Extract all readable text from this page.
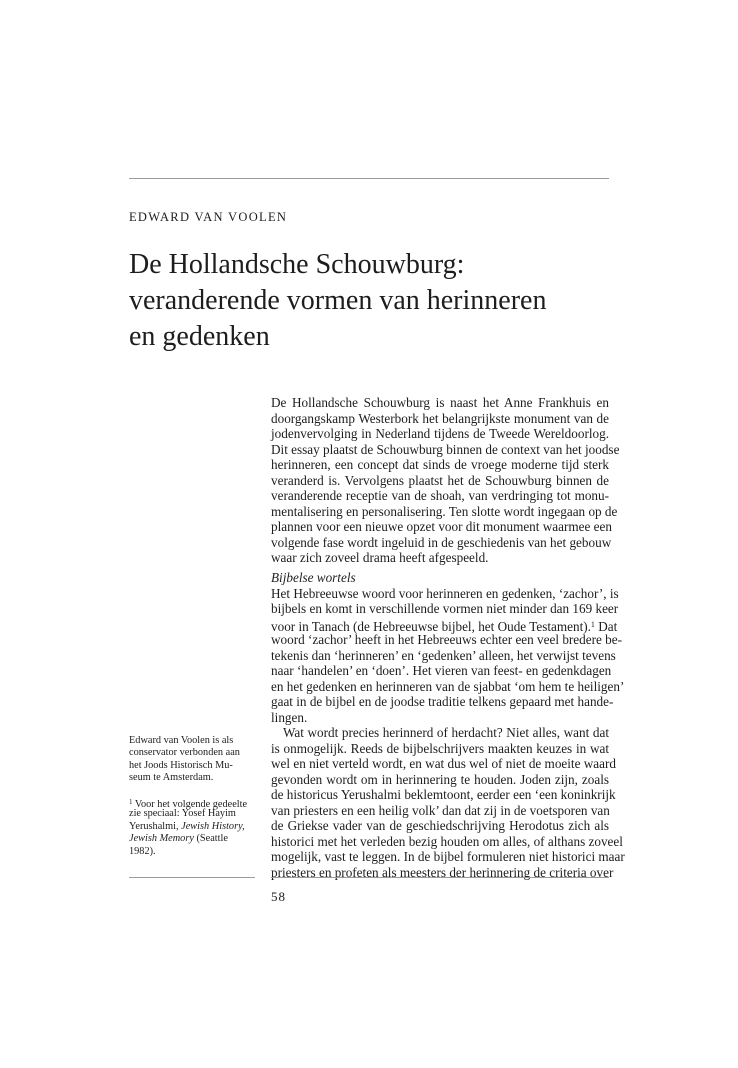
EDWARD VAN VOOLEN
De Hollandsche Schouwburg:
veranderende vormen van herinneren
en gedenken
De Hollandsche Schouwburg is naast het Anne Frankhuis en
doorgangskamp Westerbork het belangrijkste monument van de
jodenvervolging in Nederland tijdens de Tweede Wereldoorlog.
Dit essay plaatst de Schouwburg binnen de context van het joodse
herinneren, een concept dat sinds de vroege moderne tijd sterk
veranderd is. Vervolgens plaatst het de Schouwburg binnen de
veranderende receptie van de shoah, van verdringing tot monu-
mentalisering en personalisering. Ten slotte wordt ingegaan op de
plannen voor een nieuwe opzet voor dit monument waarmee een
volgende fase wordt ingeluid in de geschiedenis van het gebouw
waar zich zoveel drama heeft afgespeeld.
Bijbelse wortels
Het Hebreeuwse woord voor herinneren en gedenken, ‘zachor’, is
bijbels en komt in verschillende vormen niet minder dan 169 keer
voor in Tanach (de Hebreeuwse bijbel, het Oude Testament).$^1$ Dat
woord ‘zachor’ heeft in het Hebreeuws echter een veel bredere be-
tekenis dan ‘herinneren’ en ‘gedenken’ alleen, het verwijst tevens
naar ‘handelen’ en ‘doen’. Het vieren van feest- en gedenkdagen
en het gedenken en herinneren van de sjabbat ‘om hem te heiligen’
gaat in de bijbel en de joodse traditie telkens gepaard met hande-
lingen.
Wat wordt precies herinnerd of herdacht? Niet alles, want dat
is onmogelijk. Reeds de bijbelschrijvers maakten keuzes in wat
wel en niet verteld wordt, en wat dus wel of niet de moeite waard
gevonden wordt om in herinnering te houden. Joden zijn, zoals
de historicus Yerushalmi beklemtoont, eerder een ‘een koninkrijk
van priesters en een heilig volk’ dan dat zij in de voetsporen van
de Griekse vader van de geschiedschrijving Herodotus zich als
historici met het verleden bezig houden om alles, of althans zoveel
mogelijk, vast te leggen. In de bijbel formuleren niet historici maar
priesters en profeten als meesters der herinnering de criteria over
Edward van Voolen is als
conservator verbonden aan
het Joods Historisch Mu-
seum te Amsterdam.
$^1$ Voor het volgende gedeelte
zie speciaal: Yosef Hayim
Yerushalmi, Jewish History,
Jewish Memory (Seattle
1982).
58
